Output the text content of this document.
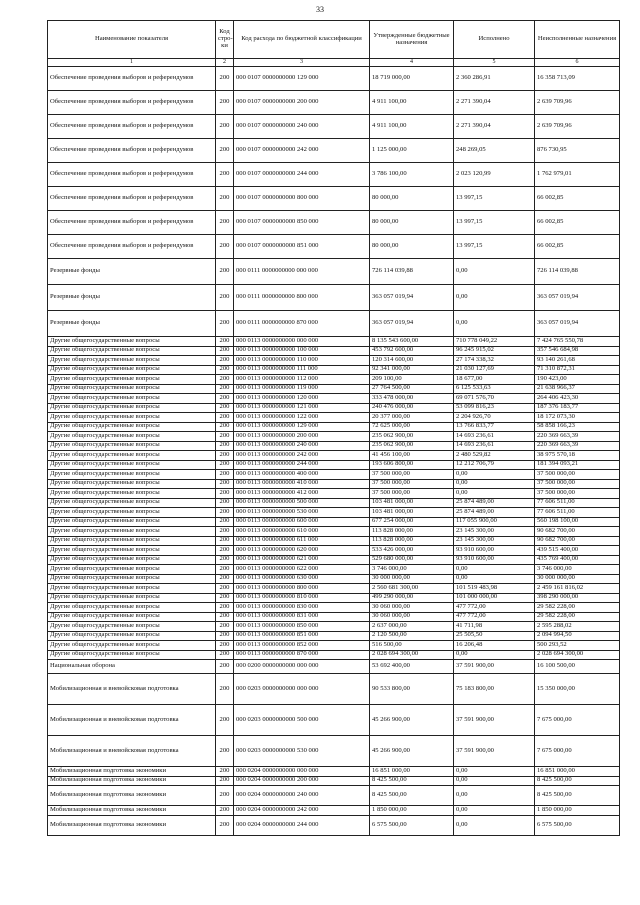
33
Наименование показателя	Код стро-ки	Код расхода по бюджетной классификации	Утвержденные бюджетные назначения	Исполнено	Неисполненные назначения
1	2	3	4	5	6
Обеспечение проведения выборов и референдумов	200	000 0107 0000000000 129 000	18 719 000,00	2 360 286,91	16 358 713,09
Обеспечение проведения выборов и референдумов	200	000 0107 0000000000 200 000	4 911 100,00	2 271 390,04	2 639 709,96
Обеспечение проведения выборов и референдумов	200	000 0107 0000000000 240 000	4 911 100,00	2 271 390,04	2 639 709,96
Обеспечение проведения выборов и референдумов	200	000 0107 0000000000 242 000	1 125 000,00	248 269,05	876 730,95
Обеспечение проведения выборов и референдумов	200	000 0107 0000000000 244 000	3 786 100,00	2 023 120,99	1 762 979,01
Обеспечение проведения выборов и референдумов	200	000 0107 0000000000 800 000	80 000,00	13 997,15	66 002,85
Обеспечение проведения выборов и референдумов	200	000 0107 0000000000 850 000	80 000,00	13 997,15	66 002,85
Обеспечение проведения выборов и референдумов	200	000 0107 0000000000 851 000	80 000,00	13 997,15	66 002,85
Резервные фонды	200	000 0111 0000000000 000 000	726 114 039,88	0,00	726 114 039,88
Резервные фонды	200	000 0111 0000000000 800 000	363 057 019,94	0,00	363 057 019,94
Резервные фонды	200	000 0111 0000000000 870 000	363 057 019,94	0,00	363 057 019,94
Другие общегосударственные вопросы	200	000 0113 0000000000 000 000	8 135 543 600,00	710 778 049,22	7 424 765 550,78
Другие общегосударственные вопросы	200	000 0113 0000000000 100 000	453 792 600,00	96 245 915,02	357 546 684,98
Другие общегосударственные вопросы	200	000 0113 0000000000 110 000	120 314 600,00	27 174 338,32	93 140 261,68
Другие общегосударственные вопросы	200	000 0113 0000000000 111 000	92 341 000,00	21 030 127,69	71 310 872,31
Другие общегосударственные вопросы	200	000 0113 0000000000 112 000	209 100,00	18 677,00	190 423,00
Другие общегосударственные вопросы	200	000 0113 0000000000 119 000	27 764 500,00	6 125 533,63	21 638 966,37
Другие общегосударственные вопросы	200	000 0113 0000000000 120 000	333 478 000,00	69 071 576,70	264 406 423,30
Другие общегосударственные вопросы	200	000 0113 0000000000 121 000	240 476 000,00	53 099 816,23	187 376 183,77
Другие общегосударственные вопросы	200	000 0113 0000000000 122 000	20 377 000,00	2 204 926,70	18 172 073,30
Другие общегосударственные вопросы	200	000 0113 0000000000 129 000	72 625 000,00	13 766 833,77	58 858 166,23
Другие общегосударственные вопросы	200	000 0113 0000000000 200 000	235 062 900,00	14 693 236,61	220 369 663,39
Другие общегосударственные вопросы	200	000 0113 0000000000 240 000	235 062 900,00	14 693 236,61	220 369 663,39
Другие общегосударственные вопросы	200	000 0113 0000000000 242 000	41 456 100,00	2 480 529,82	38 975 570,18
Другие общегосударственные вопросы	200	000 0113 0000000000 244 000	193 606 800,00	12 212 706,79	181 394 093,21
Другие общегосударственные вопросы	200	000 0113 0000000000 400 000	37 500 000,00	0,00	37 500 000,00
Другие общегосударственные вопросы	200	000 0113 0000000000 410 000	37 500 000,00	0,00	37 500 000,00
Другие общегосударственные вопросы	200	000 0113 0000000000 412 000	37 500 000,00	0,00	37 500 000,00
Другие общегосударственные вопросы	200	000 0113 0000000000 500 000	103 481 000,00	25 874 489,00	77 606 511,00
Другие общегосударственные вопросы	200	000 0113 0000000000 530 000	103 481 000,00	25 874 489,00	77 606 511,00
Другие общегосударственные вопросы	200	000 0113 0000000000 600 000	677 254 000,00	117 055 900,00	560 198 100,00
Другие общегосударственные вопросы	200	000 0113 0000000000 610 000	113 828 000,00	23 145 300,00	90 682 700,00
Другие общегосударственные вопросы	200	000 0113 0000000000 611 000	113 828 000,00	23 145 300,00	90 682 700,00
Другие общегосударственные вопросы	200	000 0113 0000000000 620 000	533 426 000,00	93 910 600,00	439 515 400,00
Другие общегосударственные вопросы	200	000 0113 0000000000 621 000	529 680 000,00	93 910 600,00	435 769 400,00
Другие общегосударственные вопросы	200	000 0113 0000000000 622 000	3 746 000,00	0,00	3 746 000,00
Другие общегосударственные вопросы	200	000 0113 0000000000 630 000	30 000 000,00	0,00	30 000 000,00
Другие общегосударственные вопросы	200	000 0113 0000000000 800 000	2 560 681 300,00	101 519 483,98	2 459 161 816,02
Другие общегосударственные вопросы	200	000 0113 0000000000 810 000	499 290 000,00	101 000 000,00	398 290 000,00
Другие общегосударственные вопросы	200	000 0113 0000000000 830 000	30 060 000,00	477 772,00	29 582 228,00
Другие общегосударственные вопросы	200	000 0113 0000000000 831 000	30 060 000,00	477 772,00	29 582 228,00
Другие общегосударственные вопросы	200	000 0113 0000000000 850 000	2 637 000,00	41 711,98	2 595 288,02
Другие общегосударственные вопросы	200	000 0113 0000000000 851 000	2 120 500,00	25 505,50	2 094 994,50
Другие общегосударственные вопросы	200	000 0113 0000000000 852 000	516 500,00	16 206,48	500 293,52
Другие общегосударственные вопросы	200	000 0113 0000000000 870 000	2 028 694 300,00	0,00	2 028 694 300,00
Национальная оборона	200	000 0200 0000000000 000 000	53 692 400,00	37 591 900,00	16 100 500,00
Мобилизационная и вневойсковая подготовка	200	000 0203 0000000000 000 000	90 533 800,00	75 183 800,00	15 350 000,00
Мобилизационная и вневойсковая подготовка	200	000 0203 0000000000 500 000	45 266 900,00	37 591 900,00	7 675 000,00
Мобилизационная и вневойсковая подготовка	200	000 0203 0000000000 530 000	45 266 900,00	37 591 900,00	7 675 000,00
Мобилизационная подготовка экономики	200	000 0204 0000000000 000 000	16 851 000,00	0,00	16 851 000,00
Мобилизационная подготовка экономики	200	000 0204 0000000000 200 000	8 425 500,00	0,00	8 425 500,00
Мобилизационная подготовка экономики	200	000 0204 0000000000 240 000	8 425 500,00	0,00	8 425 500,00
Мобилизационная подготовка экономики	200	000 0204 0000000000 242 000	1 850 000,00	0,00	1 850 000,00
Мобилизационная подготовка экономики	200	000 0204 0000000000 244 000	6 575 500,00	0,00	6 575 500,00
